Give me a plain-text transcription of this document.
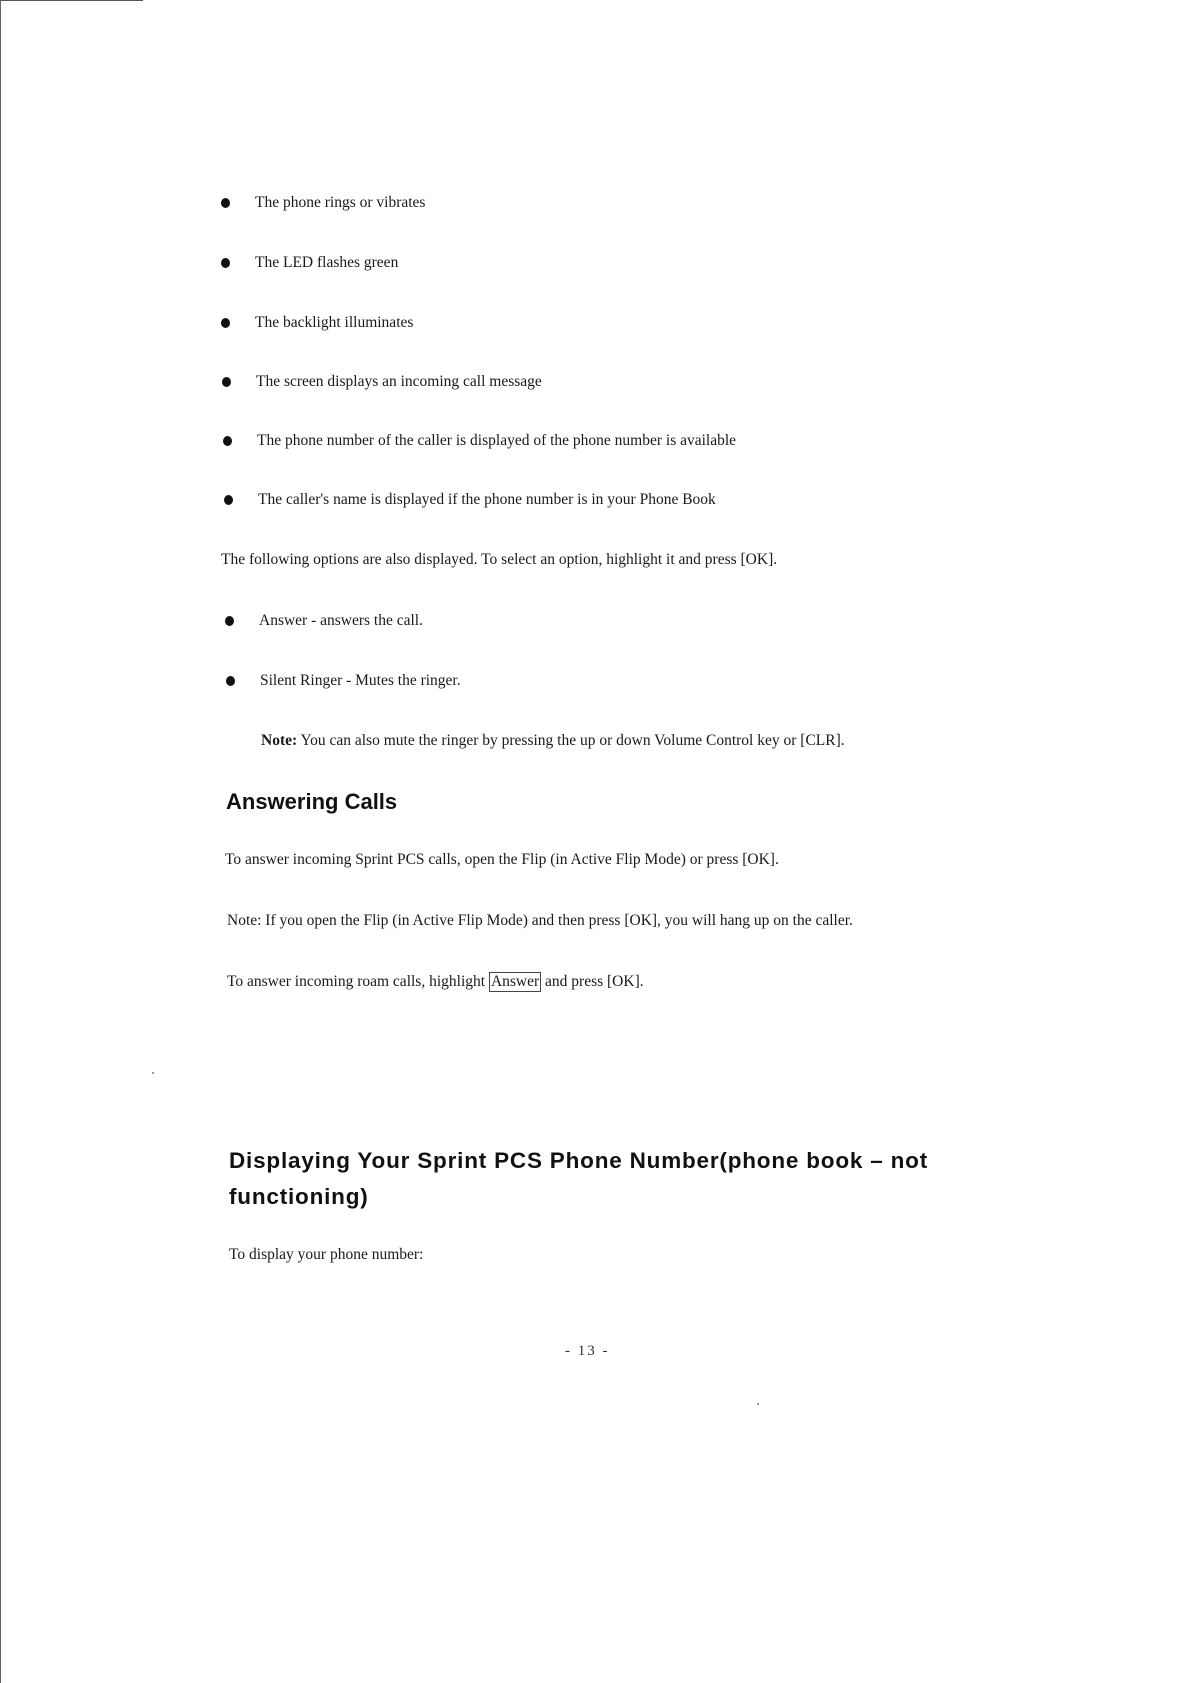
The phone rings or vibrates
The LED flashes green
The backlight illuminates
The screen displays an incoming call message
The phone number of the caller is displayed of the phone number is available
The caller's name is displayed if the phone number is in your Phone Book
The following options are also displayed. To select an option, highlight it and press [OK].
Answer - answers the call.
Silent Ringer - Mutes the ringer.
Note: You can also mute the ringer by pressing the up or down Volume Control key or [CLR].
Answering Calls
To answer incoming Sprint PCS calls, open the Flip (in Active Flip Mode) or press [OK].
Note: If you open the Flip (in Active Flip Mode) and then press [OK], you will hang up on the caller.
To answer incoming roam calls, highlight Answer and press [OK].
Displaying Your Sprint PCS Phone Number(phone book – not functioning)
To display your phone number:
- 13 -
